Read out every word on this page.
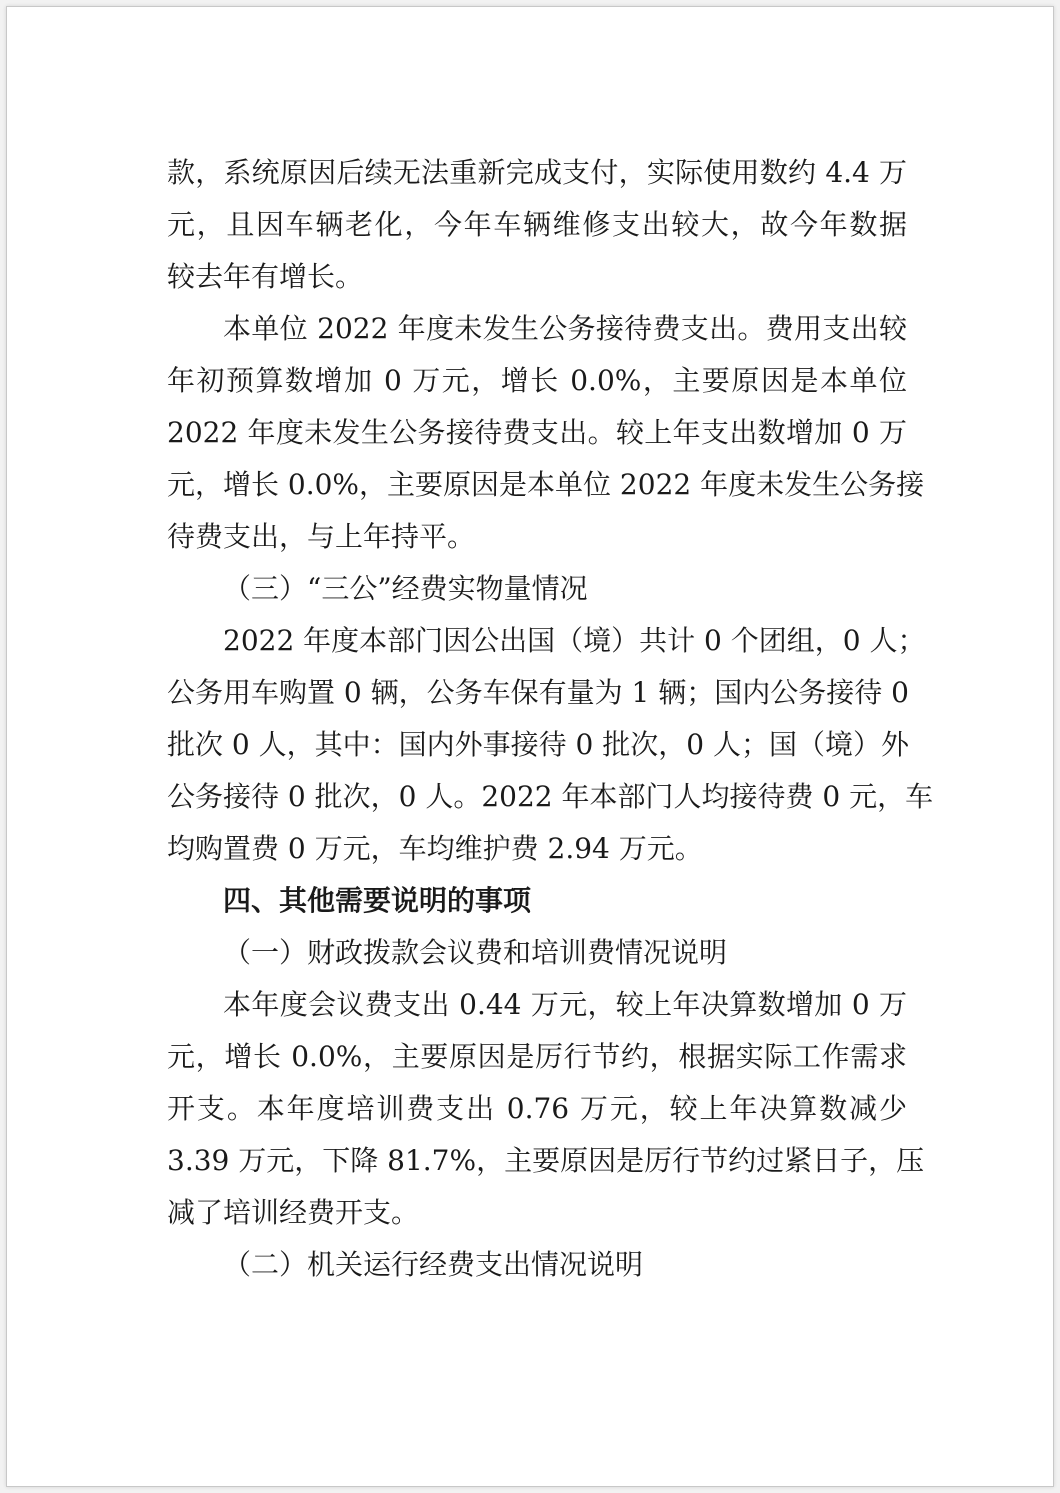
款，系统原因后续无法重新完成支付，实际使用数约 4.4 万
元，且因车辆老化，今年车辆维修支出较大，故今年数据
较去年有增长。
本单位 2022 年度未发生公务接待费支出。费用支出较
年初预算数增加 0 万元，增长 0.0%，主要原因是本单位
2022 年度未发生公务接待费支出。较上年支出数增加 0 万
元，增长 0.0%，主要原因是本单位 2022 年度未发生公务接
待费支出，与上年持平。
（三）“三公”经费实物量情况
2022 年度本部门因公出国（境）共计 0 个团组，0 人；
公务用车购置 0 辆，公务车保有量为 1 辆；国内公务接待 0
批次 0 人，其中：国内外事接待 0 批次，0 人；国（境）外
公务接待 0 批次，0 人。2022 年本部门人均接待费 0 元，车
均购置费 0 万元，车均维护费 2.94 万元。
四、其他需要说明的事项
（一）财政拨款会议费和培训费情况说明
本年度会议费支出 0.44 万元，较上年决算数增加 0 万
元，增长 0.0%，主要原因是厉行节约，根据实际工作需求
开支。本年度培训费支出 0.76 万元，较上年决算数减少
3.39 万元，下降 81.7%，主要原因是厉行节约过紧日子，压
减了培训经费开支。
（二）机关运行经费支出情况说明
